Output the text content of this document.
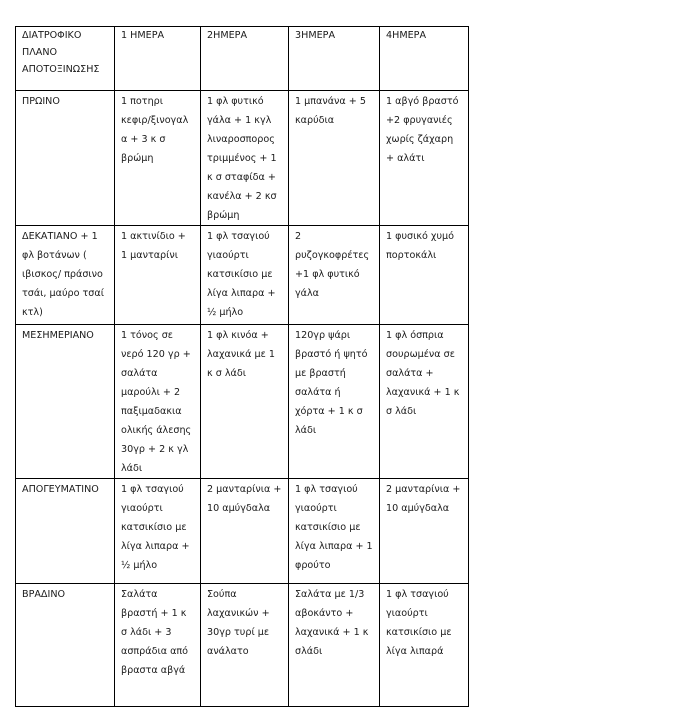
ΔΙΑΤΡΟΦΙΚΟ ΠΛΑΝΟ ΑΠΟΤΟΞΙΝΩΣΗΣ	1 ΗΜΕΡΑ	2ΗΜΕΡΑ	3ΗΜΕΡΑ	4ΗΜΕΡΑ

ΠΡΩΙΝΟ	1 ποτηρι κεφιρ/ξινογαλ α + 3 κ σ βρώμη	1 φλ φυτικό γάλα + 1 κγλ λιναροσπορος τριμμένος + 1 κ σ σταφίδα + κανέλα + 2 κσ βρώμη	1 μπανάνα + 5 καρύδια	1 αβγό βραστό +2 φρυγανιές χωρίς ζάχαρη + αλάτι

ΔΕΚΑΤΙΑΝΟ + 1 φλ βοτάνων ( ιβισκος/ πράσινο τσάι, μαύρο τσαί κτλ)	1 ακτινίδιο + 1 μανταρίνι	1 φλ τσαγιού γιαούρτι κατσικίσιο με λίγα λιπαρα + ½ μήλο	2 ρυζογκοφρέτες +1 φλ φυτικό γάλα	1 φυσικό χυμό πορτοκάλι

ΜΕΣΗΜΕΡΙΑΝΟ	1 τόνος σε νερό 120 γρ + σαλάτα μαρούλι + 2 παξιμαδακια ολικής άλεσης 30γρ + 2 κ γλ λάδι	1 φλ κινόα + λαχανικά με 1 κ σ λάδι	120γρ ψάρι βραστό ή ψητό με βραστή σαλάτα ή χόρτα + 1 κ σ λάδι	1 φλ όσπρια σουρωμένα σε σαλάτα + λαχανικά + 1 κ σ λάδι

ΑΠΟΓΕΥΜΑΤΙΝΟ	1 φλ τσαγιού γιαούρτι κατσικίσιο με λίγα λιπαρα + ½ μήλο	2 μανταρίνια + 10 αμύγδαλα	1 φλ τσαγιού γιαούρτι κατσικίσιο με λίγα λιπαρα + 1 φρούτο	2 μανταρίνια + 10 αμύγδαλα

ΒΡΑΔΙΝΟ	Σαλάτα βραστή + 1 κ σ λάδι + 3 ασπράδια από βραστα αβγά	Σούπα λαχανικών + 30γρ τυρί με ανάλατο	Σαλάτα με 1/3 αβοκάντο + λαχανικά + 1 κ σλάδι	1 φλ τσαγιού γιαούρτι κατσικίσιο με λίγα λιπαρά
